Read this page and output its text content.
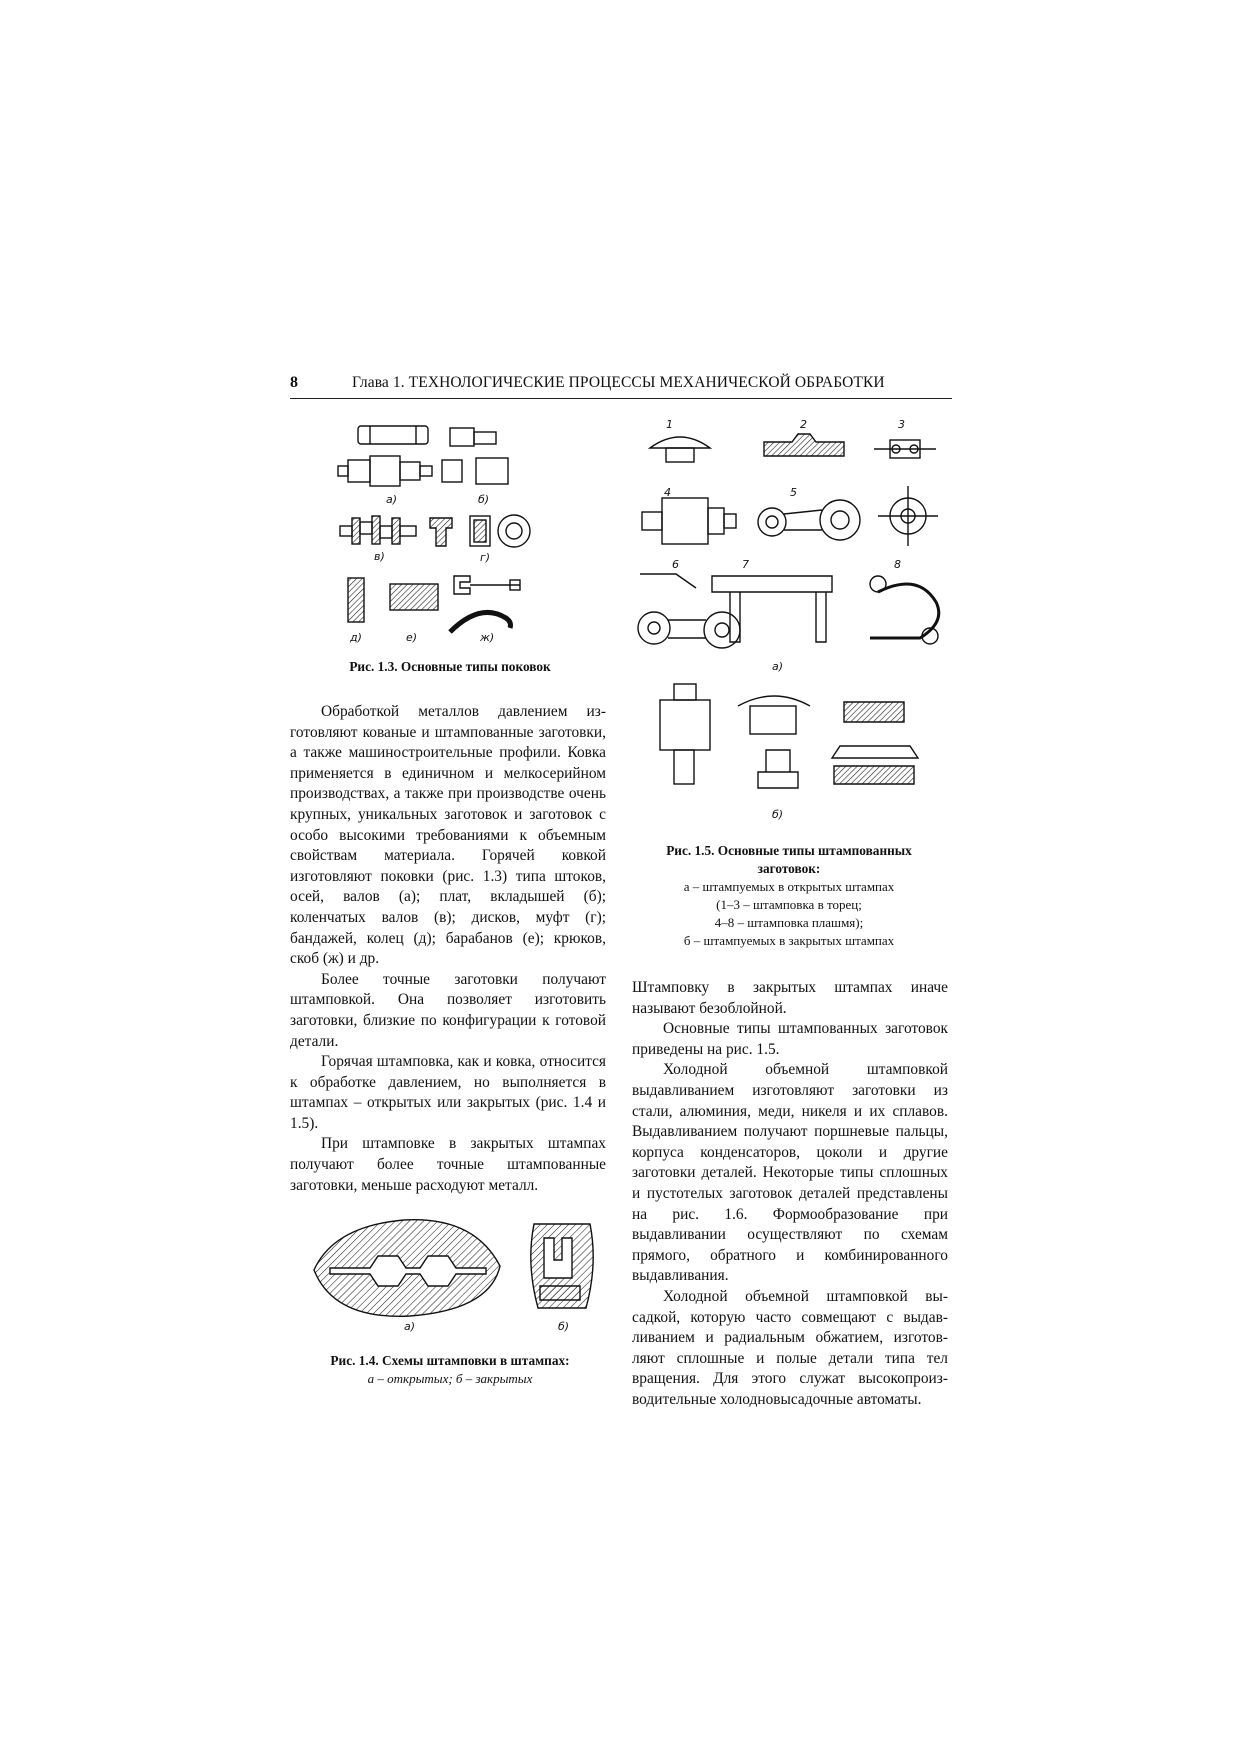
8	Глава 1. ТЕХНОЛОГИЧЕСКИЕ ПРОЦЕССЫ МЕХАНИЧЕСКОЙ ОБРАБОТКИ
а)	б)
в)	г)
д)	е)	ж)
Рис. 1.3. Основные типы поковок
1	2	3
4	5
6	7	8
а)
б)
Рис. 1.5. Основные типы штампованных
заготовок:
а – штампуемых в открытых штампах
(1–3 – штамповка в торец;
4–8 – штамповка плашмя);
б – штампуемых в закрытых штампах

Обработкой металлов давлением изготовляют кованые и штампованные заготовки, а также машиностроительные профили. Ковка применяется в единичном и мелкосерийном производствах, а также при производстве очень крупных, уникальных заготовок и заготовок с особо высокими требованиями к объемным свойствам материала. Горячей ковкой изготовляют поковки (рис. 1.3) типа штоков, осей, валов (а); плат, вкладышей (б); коленчатых валов (в); дисков, муфт (г); бандажей, колец (д); барабанов (е); крюков, скоб (ж) и др.

Более точные заготовки получают штамповкой. Она позволяет изготовить заготовки, близкие по конфигурации к готовой детали.

Горячая штамповка, как и ковка, относится к обработке давлением, но выполняется в штампах – открытых или закрытых (рис. 1.4 и 1.5).

При штамповке в закрытых штампах получают более точные штампованные заготовки, меньше расходуют металл.

а)	б)
Рис. 1.4. Схемы штамповки в штампах:
а – открытых; б – закрытых

Штамповку в закрытых штампах иначе называют безоблойной.

Основные типы штампованных заготовок приведены на рис. 1.5.

Холодной объемной штамповкой выдавливанием изготовляют заготовки из стали, алюминия, меди, никеля и их сплавов. Выдавливанием получают поршневые пальцы, корпуса конденсаторов, цоколи и другие заготовки деталей. Некоторые типы сплошных и пустотелых заготовок деталей представлены на рис. 1.6. Формообразование при выдавливании осуществляют по схемам прямого, обратного и комбинированного выдавливания.

Холодной объемной штамповкой высадкой, которую часто совмещают с выдавливанием и радиальным обжатием, изготовляют сплошные и полые детали типа тел вращения. Для этого служат высокопроизводительные холодновысадочные автоматы.
